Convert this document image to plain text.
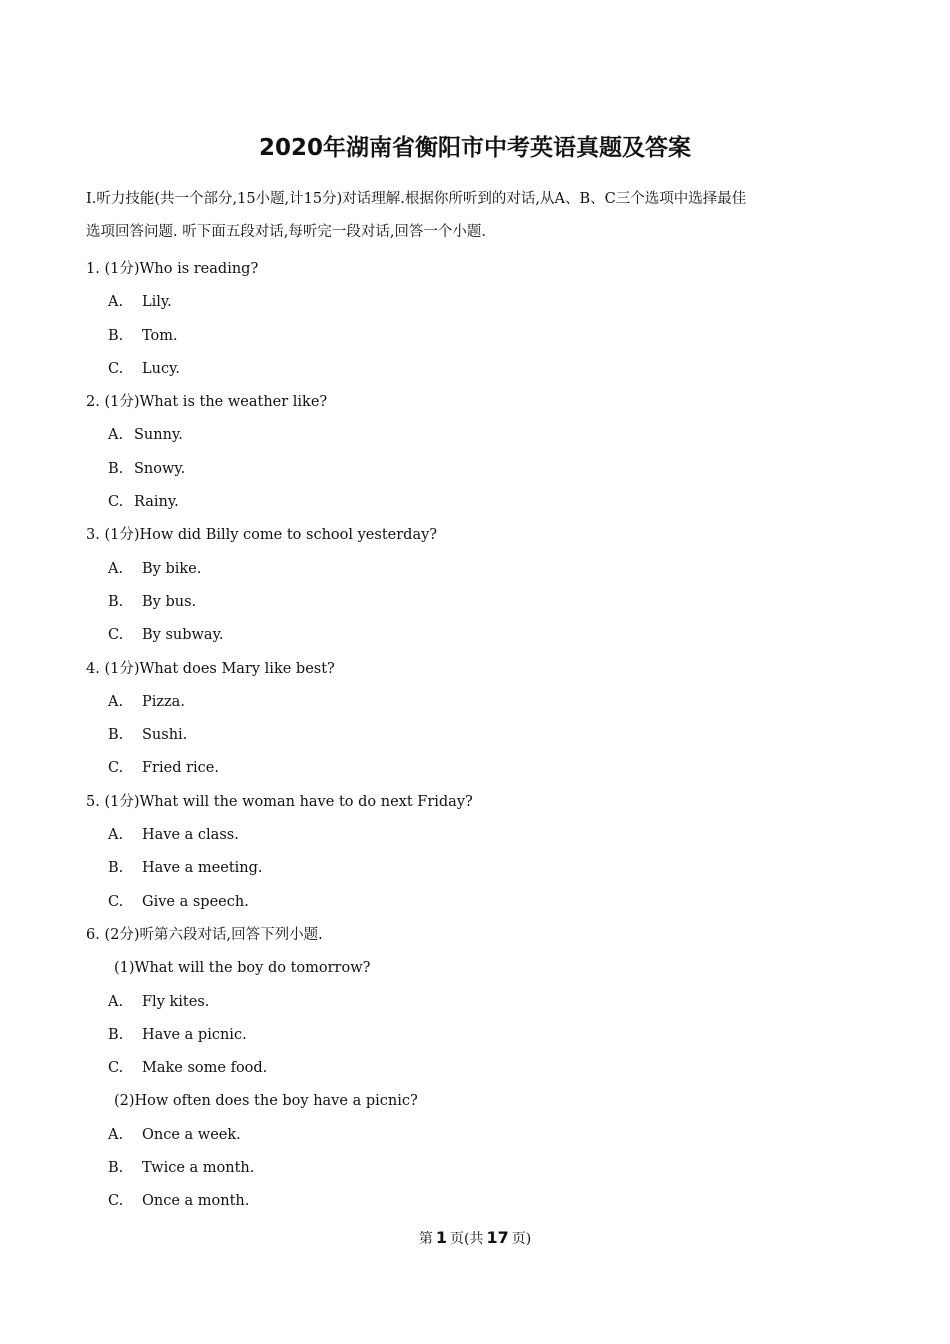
2020年湖南省衡阳市中考英语真题及答案

I.听力技能(共一个部分,15小题,计15分)对话理解.根据你所听到的对话,从A、B、C三个选项中选择最佳

选项回答问题. 听下面五段对话,每听完一段对话,回答一个小题.

1. (1分)Who is reading?
A. Lily.
B. Tom.
C. Lucy.
2. (1分)What is the weather like?
A. Sunny.
B. Snowy.
C. Rainy.
3. (1分)How did Billy come to school yesterday?
A. By bike.
B. By bus.
C. By subway.
4. (1分)What does Mary like best?
A. Pizza.
B. Sushi.
C. Fried rice.
5. (1分)What will the woman have to do next Friday?
A. Have a class.
B. Have a meeting.
C. Give a speech.
6. (2分)听第六段对话,回答下列小题.
(1)What will the boy do tomorrow?
A. Fly kites.
B. Have a picnic.
C. Make some food.
(2)How often does the boy have a picnic?
A. Once a week.
B. Twice a month.
C. Once a month.
第 1 页(共 17 页)
